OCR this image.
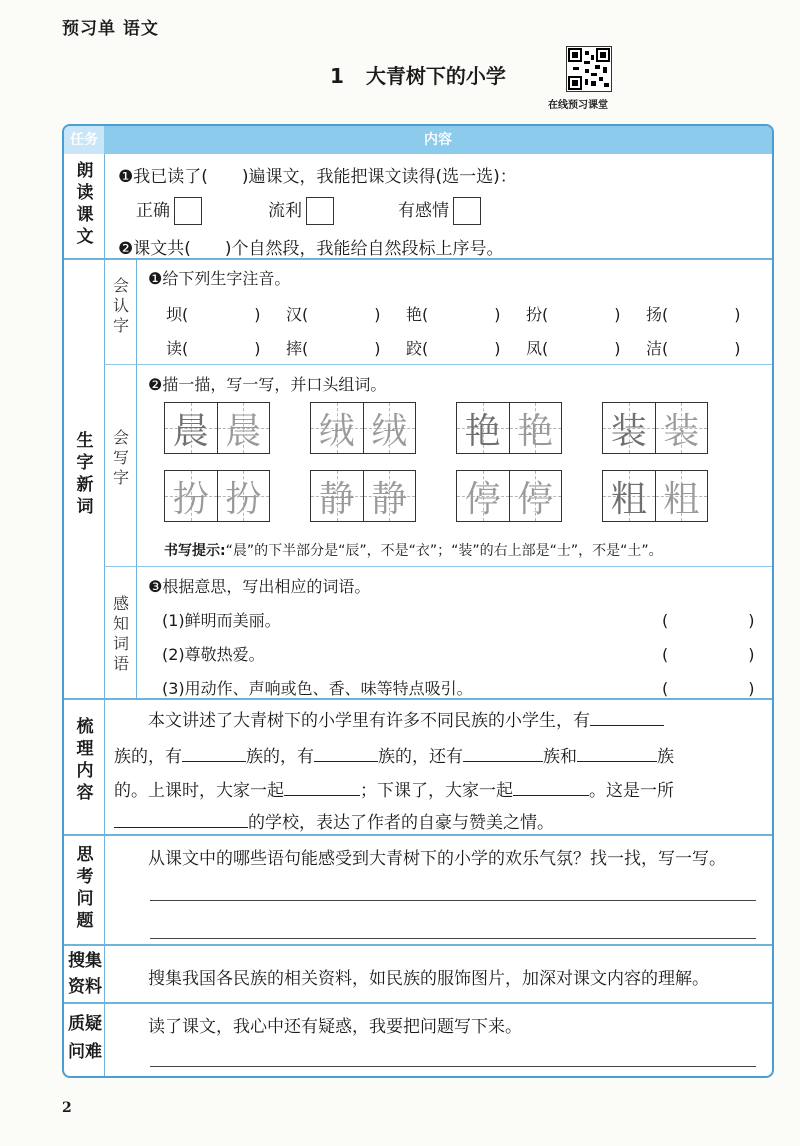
预习单 语文
1 大青树下的小学
在线预习课堂
任务	内容
朗
读
课
文
❶我已读了(　　)遍课文，我能把课文读得(选一选)：
正确	流利	有感情
❷课文共(　　)个自然段，我能给自然段标上序号。
生
字
新
词
会
认
字
❶给下列生字注音。
坝(	) 汉(	) 艳(	) 扮(	) 扬(	)
读(	) 摔(	) 跤(	) 凤(	) 洁(	)
会
写
字
❷描一描，写一写，并口头组词。
晨 晨 绒 绒 艳 艳 装 装
扮 扮 静 静 停 停 粗 粗
书写提示:“晨”的下半部分是“辰”，不是“衣”；“装”的右上部是“士”，不是“土”。
感
知
词
语
❸根据意思，写出相应的词语。
(1)鲜明而美丽。	(　　　　　)
(2)尊敬热爱。	(　　　　　)
(3)用动作、声响或色、香、味等特点吸引。	(　　　　　)
梳
理
内
容
本文讲述了大青树下的小学里有许多不同民族的小学生，有
族的，有	族的，有	族的，还有	族和	族
的。上课时，大家一起	；下课了，大家一起	。这是一所
的学校，表达了作者的自豪与赞美之情。
思
考
问
题
从课文中的哪些语句能感受到大青树下的小学的欢乐气氛？找一找，写一写。
搜集
资料	搜集我国各民族的相关资料，如民族的服饰图片，加深对课文内容的理解。
质疑
问难
读了课文，我心中还有疑惑，我要把问题写下来。
2
